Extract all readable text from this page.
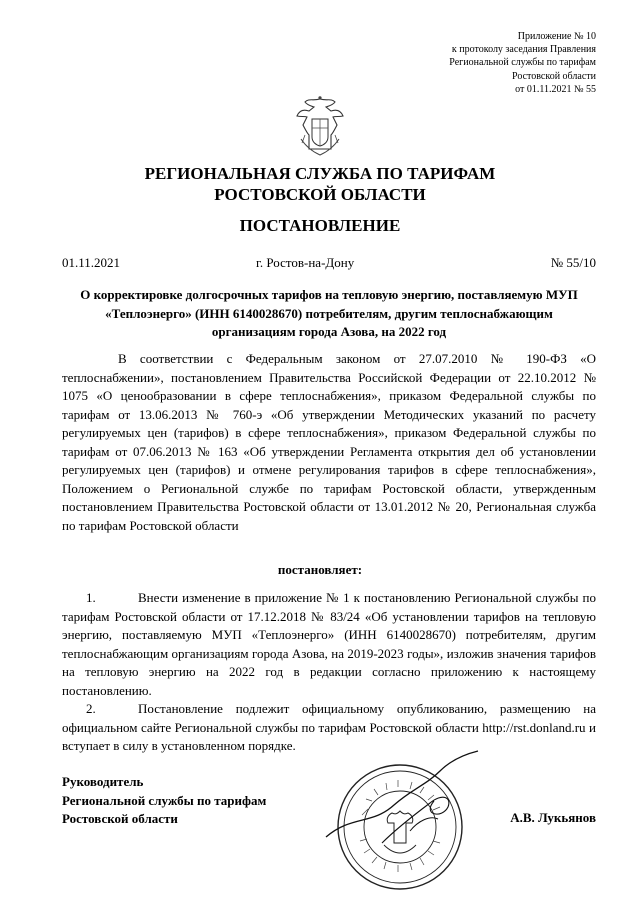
Приложение № 10
к протоколу заседания Правления
Региональной службы по тарифам
Ростовской области
от 01.11.2021 № 55
РЕГИОНАЛЬНАЯ СЛУЖБА ПО ТАРИФАМ
РОСТОВСКОЙ ОБЛАСТИ
ПОСТАНОВЛЕНИЕ
01.11.2021	г. Ростов-на-Дону	№ 55/10
О корректировке долгосрочных тарифов на тепловую энергию, поставляемую МУП «Теплоэнерго» (ИНН 6140028670) потребителям, другим теплоснабжающим организациям города Азова, на 2022 год

В соответствии с Федеральным законом от 27.07.2010 № 190-ФЗ «О теплоснабжении», постановлением Правительства Российской Федерации от 22.10.2012 № 1075 «О ценообразовании в сфере теплоснабжения», приказом Федеральной службы по тарифам от 13.06.2013 № 760-э «Об утверждении Методических указаний по расчету регулируемых цен (тарифов) в сфере теплоснабжения», приказом Федеральной службы по тарифам от 07.06.2013 № 163 «Об утверждении Регламента открытия дел об установлении регулируемых цен (тарифов) и отмене регулирования тарифов в сфере теплоснабжения», Положением о Региональной службе по тарифам Ростовской области, утвержденным постановлением Правительства Ростовской области от 13.01.2012 № 20, Региональная служба по тарифам Ростовской области

постановляет:

1.	Внести изменение в приложение № 1 к постановлению Региональной службы по тарифам Ростовской области от 17.12.2018 № 83/24 «Об установлении тарифов на тепловую энергию, поставляемую МУП «Теплоэнерго» (ИНН 6140028670) потребителям, другим теплоснабжающим организациям города Азова, на 2019-2023 годы», изложив значения тарифов на тепловую энергию на 2022 год в редакции согласно приложению к настоящему постановлению.

2.	Постановление подлежит официальному опубликованию, размещению на официальном сайте Региональной службы по тарифам Ростовской области http://rst.donland.ru и вступает в силу в установленном порядке.

Руководитель
Региональной службы по тарифам
Ростовской области	А.В. Лукьянов
